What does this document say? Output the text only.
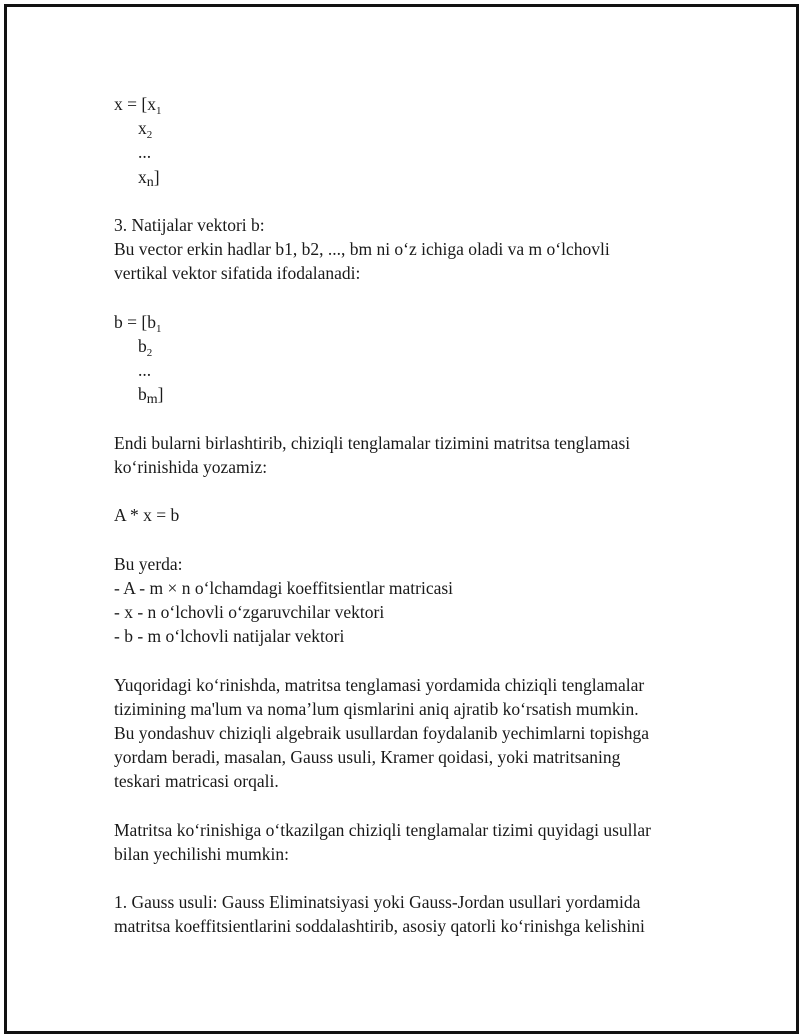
$x = [x_1$
$x_2$
...
xn]
3. Natijalar vektori b:
Bu vector erkin hadlar b1, b2, ..., bm ni o‘z ichiga oladi va m o‘lchovli
vertikal vektor sifatida ifodalanadi:
$b = [b_1$
$b_2$
...
bm]
Endi bularni birlashtirib, chiziqli tenglamalar tizimini matritsa tenglamasi
ko‘rinishida yozamiz:
A * x = b
Bu yerda:
- A - m × n o‘lchamdagi koeffitsientlar matricasi
- x - n o‘lchovli o‘zgaruvchilar vektori
- b - m o‘lchovli natijalar vektori
Yuqoridagi ko‘rinishda, matritsa tenglamasi yordamida chiziqli tenglamalar
tizimining ma'lum va noma’lum qismlarini aniq ajratib ko‘rsatish mumkin.
Bu yondashuv chiziqli algebraik usullardan foydalanib yechimlarni topishga
yordam beradi, masalan, Gauss usuli, Kramer qoidasi, yoki matritsaning
teskari matricasi orqali.
Matritsa ko‘rinishiga o‘tkazilgan chiziqli tenglamalar tizimi quyidagi usullar
bilan yechilishi mumkin:
1. Gauss usuli: Gauss Eliminatsiyasi yoki Gauss-Jordan usullari yordamida
matritsa koeffitsientlarini soddalashtirib, asosiy qatorli ko‘rinishga kelishini
